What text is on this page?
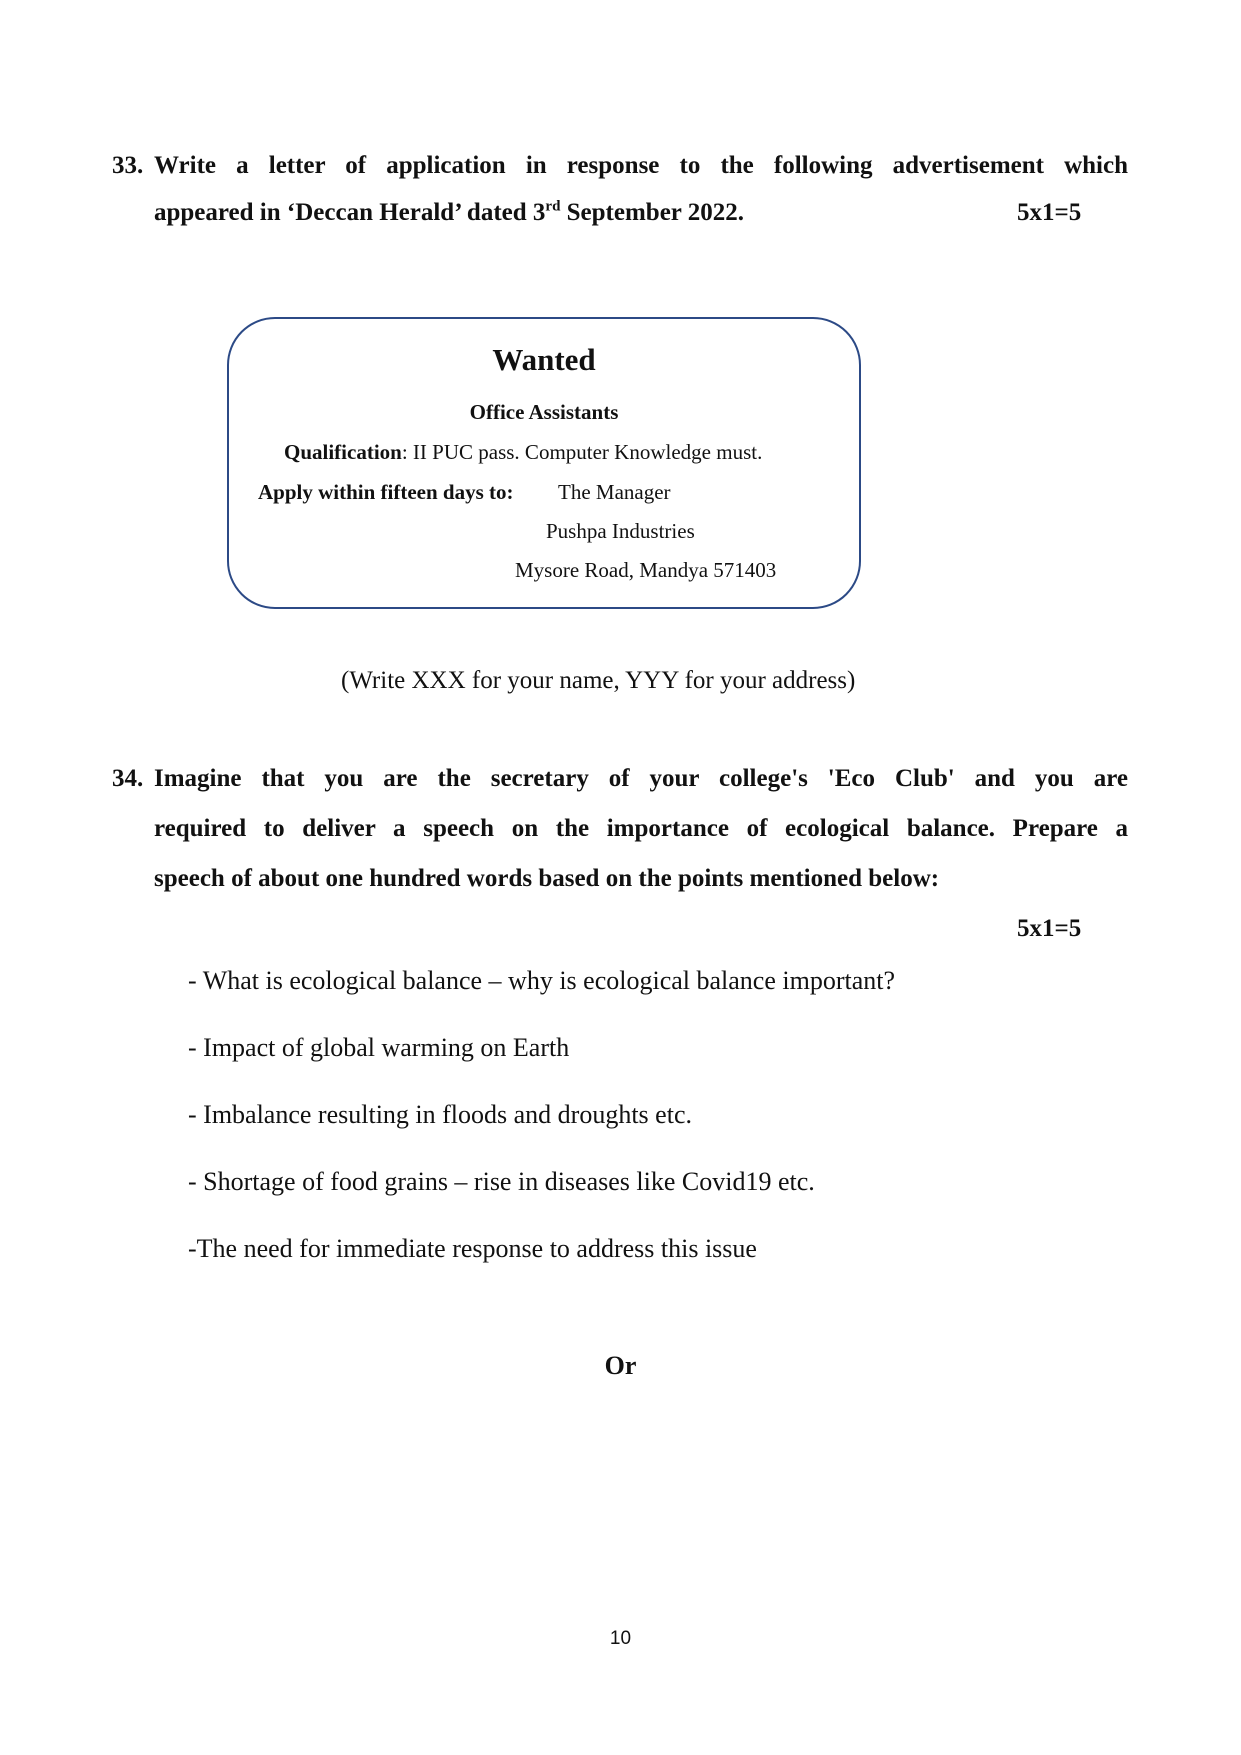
33. Write a letter of application in response to the following advertisement which
appeared in ‘Deccan Herald’ dated 3rd September 2022.	5x1=5
Wanted
Office Assistants
Qualification: II PUC pass. Computer Knowledge must.
Apply within fifteen days to: The Manager
Pushpa Industries
Mysore Road, Mandya 571403
(Write XXX for your name, YYY for your address)
34. Imagine that you are the secretary of your college's 'Eco Club' and you are
required to deliver a speech on the importance of ecological balance. Prepare a
speech of about one hundred words based on the points mentioned below:
5x1=5
- What is ecological balance – why is ecological balance important?
- Impact of global warming on Earth
- Imbalance resulting in floods and droughts etc.
- Shortage of food grains – rise in diseases like Covid19 etc.
-The need for immediate response to address this issue
Or
10
